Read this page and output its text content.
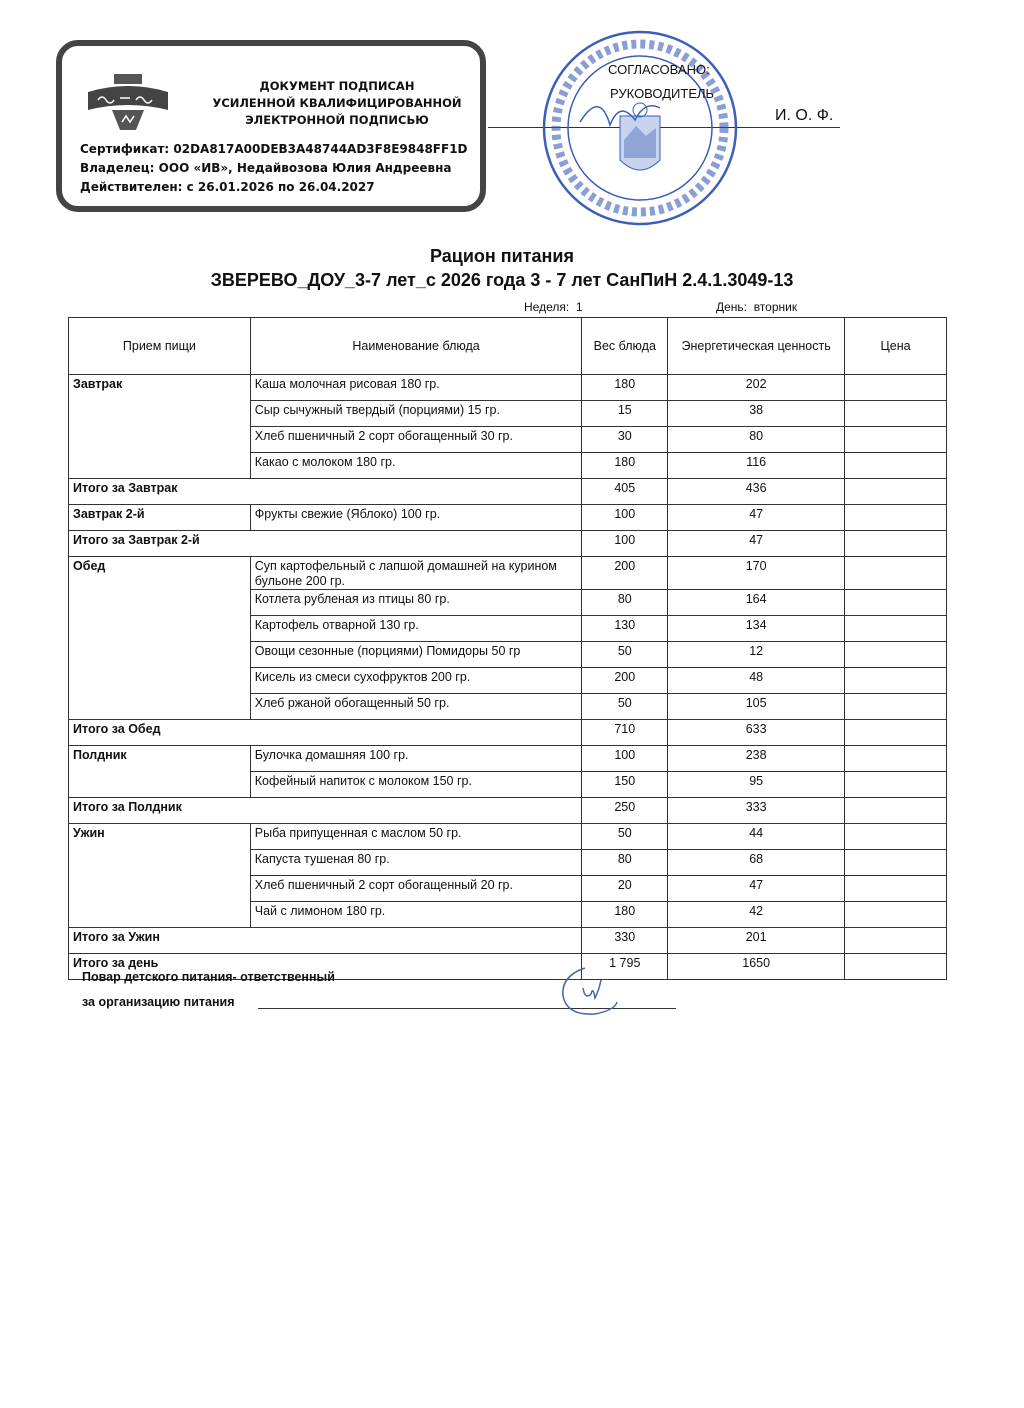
ДОКУМЕНТ ПОДПИСАН
УСИЛЕННОЙ КВАЛИФИЦИРОВАННОЙ
ЭЛЕКТРОННОЙ ПОДПИСЬЮ
Сертификат: 02DA817A00DEB3A48744AD3F8E9848FF1D
Владелец: ООО «ИВ», Недайвозова Юлия Андреевна
Действителен: с 26.01.2026 по 26.04.2027
СОГЛАСОВАНО:
РУКОВОДИТЕЛЬ
И. О. Ф.
Рацион питания
ЗВЕРЕВО_ДОУ_3-7 лет_с 2026 года 3 - 7 лет СанПиН 2.4.1.3049-13
Неделя: 1	День: вторник
Прием пищи	Наименование блюда	Вес блюда	Энергетическая ценность	Цена
Завтрак	Каша молочная рисовая 180 гр.	180	202	
	Сыр сычужный твердый (порциями) 15 гр.	15	38	
	Хлеб пшеничный 2 сорт обогащенный 30 гр.	30	80	
	Какао с молоком 180 гр.	180	116	
Итого за Завтрак		405	436	
Завтрак 2-й	Фрукты свежие (Яблоко) 100 гр.	100	47	
Итого за Завтрак 2-й		100	47	
Обед	Суп картофельный с лапшой домашней на курином бульоне 200 гр.	200	170	
	Котлета рубленая из птицы 80 гр.	80	164	
	Картофель отварной 130 гр.	130	134	
	Овощи сезонные (порциями) Помидоры 50 гр	50	12	
	Кисель из смеси сухофруктов 200 гр.	200	48	
	Хлеб ржаной обогащенный 50 гр.	50	105	
Итого за Обед		710	633	
Полдник	Булочка домашняя 100 гр.	100	238	
	Кофейный напиток с молоком 150 гр.	150	95	
Итого за Полдник		250	333	
Ужин	Рыба припущенная с маслом 50 гр.	50	44	
	Капуста тушеная 80 гр.	80	68	
	Хлеб пшеничный 2 сорт обогащенный 20 гр.	20	47	
	Чай с лимоном 180 гр.	180	42	
Итого за Ужин		330	201	
Итого за день		1 795	1650	
Повар детского питания- ответственный
за организацию питания
